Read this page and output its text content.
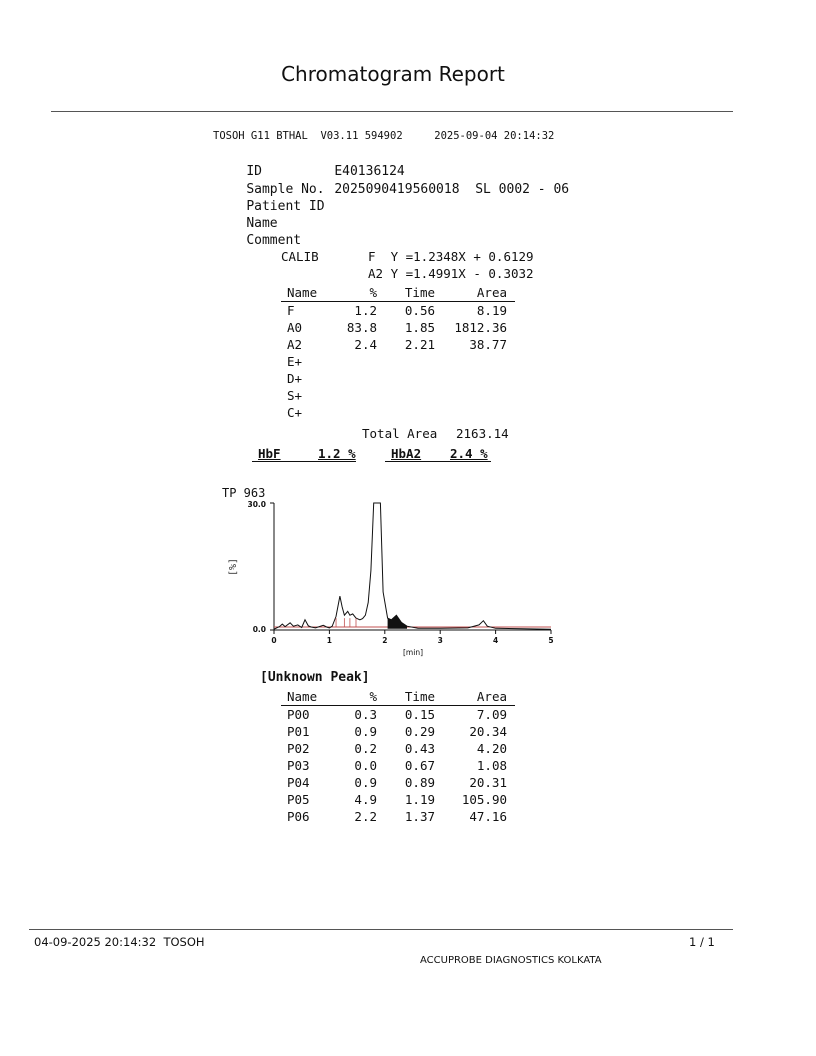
Chromatogram Report
TOSOH G11 BTHAL  V03.11 594902     2025-09-04 20:14:32

ID	E40136124

Sample No. 2025090419560018  SL 0002 - 06

Patient ID

Name

Comment

CALIB	F  Y =1.2348X + 0.6129
A2 Y =1.4991X - 0.3032
Name	%	Time	Area
F	1.2	0.56	8.19
A0	83.8	1.85	1812.36
A2	2.4	2.21	38.77
E+			
D+			
S+			
C+			
Total Area 2163.14
HbF	1.2 %	HbA2 2.4 %
TP 963
[%]
[min]
30.0
0.0
0	1	2	3	4	5
[Unknown Peak]
Name	%	Time	Area
P00	0.3	0.15	7.09
P01	0.9	0.29	20.34
P02	0.2	0.43	4.20
P03	0.0	0.67	1.08
P04	0.9	0.89	20.31
P05	4.9	1.19	105.90
P06	2.2	1.37	47.16
04-09-2025 20:14:32  TOSOH	1 / 1
ACCUPROBE DIAGNOSTICS KOLKATA
